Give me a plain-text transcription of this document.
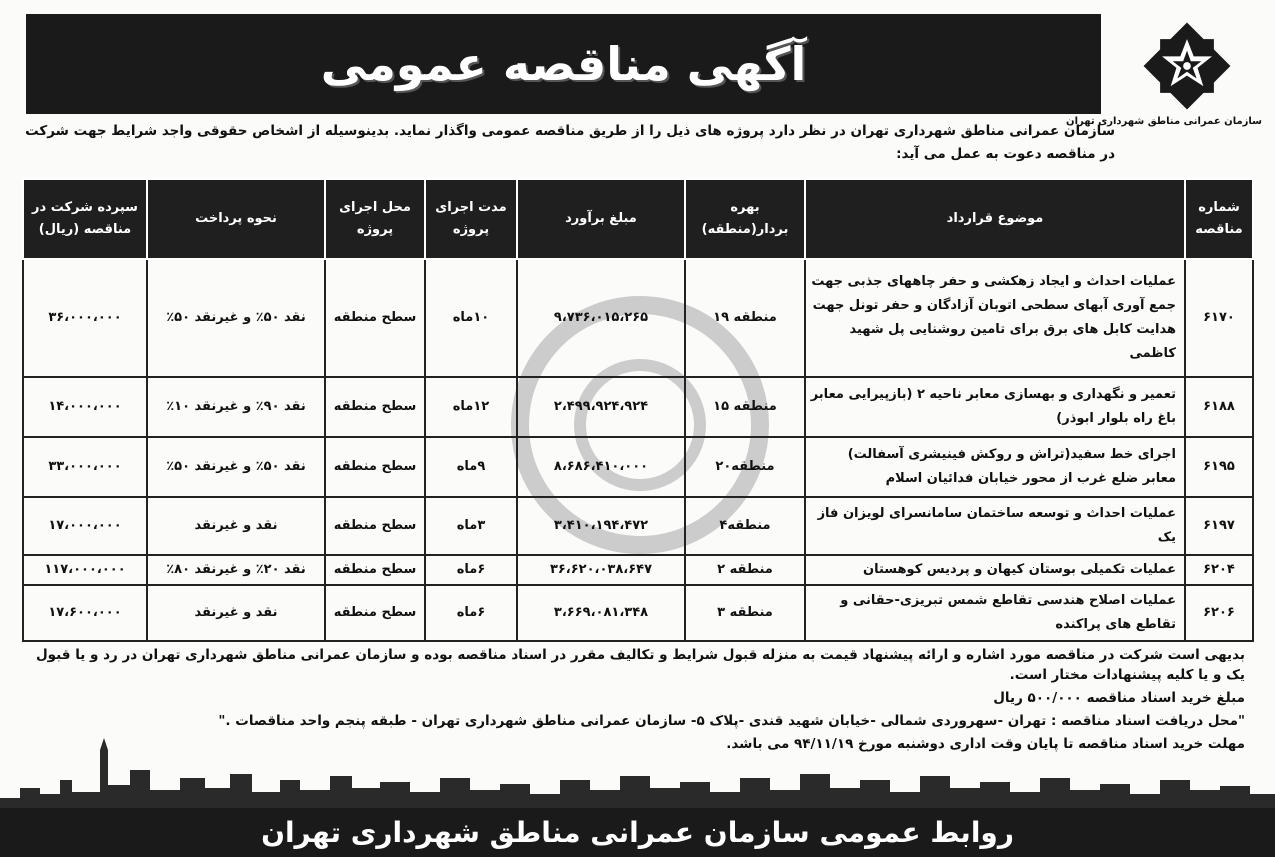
آگهی مناقصه عمومی
سازمان عمرانی مناطق شهرداری تهران
سازمان عمرانی مناطق شهرداری تهران در نظر دارد پروژه های ذیل را از طریق مناقصه عمومی واگذار نماید. بدینوسیله از اشخاص حقوقی واجد شرایط جهت شرکت
در مناقصه دعوت به عمل می آید:
شماره مناقصه	موضوع قرارداد	بهره بردار(منطقه)	مبلغ برآورد	مدت اجرای پروژه	محل اجرای پروژه	نحوه پرداخت	سپرده شرکت در مناقصه (ریال)
۶۱۷۰	عملیات احداث و ایجاد زهکشی و حفر چاههای جذبی جهت جمع آوری آبهای سطحی اتوبان آزادگان و حفر تونل جهت هدایت کابل های برق برای تامین روشنایی پل شهید کاظمی	منطقه ۱۹	۹،۷۳۶،۰۱۵،۲۶۵	۱۰ماه	سطح منطقه	نقد ۵۰٪ و غیرنقد ۵۰٪	۳۶،۰۰۰،۰۰۰
۶۱۸۸	تعمیر و نگهداری و بهسازی معابر ناحیه ۲ (بازپیرایی معابر باغ راه بلوار ابوذر)	منطقه ۱۵	۲،۴۹۹،۹۲۴،۹۲۴	۱۲ماه	سطح منطقه	نقد ۹۰٪ و غیرنقد ۱۰٪	۱۴،۰۰۰،۰۰۰
۶۱۹۵	اجرای خط سفید(تراش و روکش فینیشری آسفالت) معابر ضلع غرب از محور خیابان فدائیان اسلام	منطقه۲۰	۸،۶۸۶،۴۱۰،۰۰۰	۹ماه	سطح منطقه	نقد ۵۰٪ و غیرنقد ۵۰٪	۳۳،۰۰۰،۰۰۰
۶۱۹۷	عملیات احداث و توسعه ساختمان سامانسرای لویزان فاز یک	منطقه۴	۳،۴۱۰،۱۹۴،۴۷۲	۳ماه	سطح منطقه	نقد و غیرنقد	۱۷،۰۰۰،۰۰۰
۶۲۰۴	عملیات تکمیلی بوستان کیهان و پردیس کوهستان	منطقه ۲	۳۶،۶۲۰،۰۳۸،۶۴۷	۶ماه	سطح منطقه	نقد ۲۰٪ و غیرنقد ۸۰٪	۱۱۷،۰۰۰،۰۰۰
۶۲۰۶	عملیات اصلاح هندسی تقاطع شمس تبریزی-حقانی و تقاطع های پراکنده	منطقه ۳	۳،۶۶۹،۰۸۱،۳۴۸	۶ماه	سطح منطقه	نقد و غیرنقد	۱۷،۶۰۰،۰۰۰

بدیهی است شرکت در مناقصه مورد اشاره و ارائه پیشنهاد قیمت به منزله قبول شرایط و تکالیف مقرر در اسناد مناقصه بوده و سازمان عمرانی مناطق شهرداری تهران در رد و یا قبول یک و یا کلیه پیشنهادات مختار است.

مبلغ خرید اسناد مناقصه ۵۰۰/۰۰۰ ریال

"محل دریافت اسناد مناقصه : تهران -سهروردی شمالی -خیابان شهید قندی -پلاک ۵- سازمان عمرانی مناطق شهرداری تهران - طبقه پنجم واحد مناقصات ."

مهلت خرید اسناد مناقصه تا پایان وقت اداری دوشنبه مورخ ۹۴/۱۱/۱۹ می باشد.

روابط عمومی سازمان عمرانی مناطق شهرداری تهران
